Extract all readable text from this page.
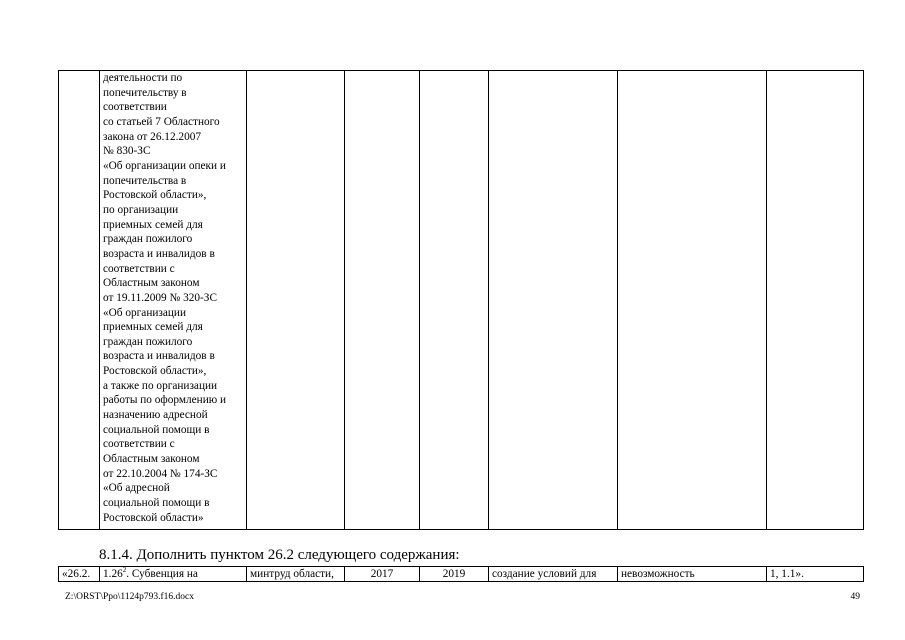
деятельности по
попечительству в
соответствии
со статьей 7 Областного
закона от 26.12.2007
№ 830-ЗС
«Об организации опеки и
попечительства в
Ростовской области»,
по организации
приемных семей для
граждан пожилого
возраста и инвалидов в
соответствии с
Областным законом
от 19.11.2009 № 320-ЗС
«Об организации
приемных семей для
граждан пожилого
возраста и инвалидов в
Ростовской области»,
а также по организации
работы по оформлению и
назначению адресной
социальной помощи в
соответствии с
Областным законом
от 22.10.2004 № 174-ЗС
«Об адресной
социальной помощи в
Ростовской области»

8.1.4. Дополнить пунктом 26.2 следующего содержания:
«26.2.	1.26$^2$. Субвенция на	минтруд области,	2017	2019	создание условий для	невозможность	1, 1.1».
Z:\ORST\Ppo\1124p793.f16.docx	49
